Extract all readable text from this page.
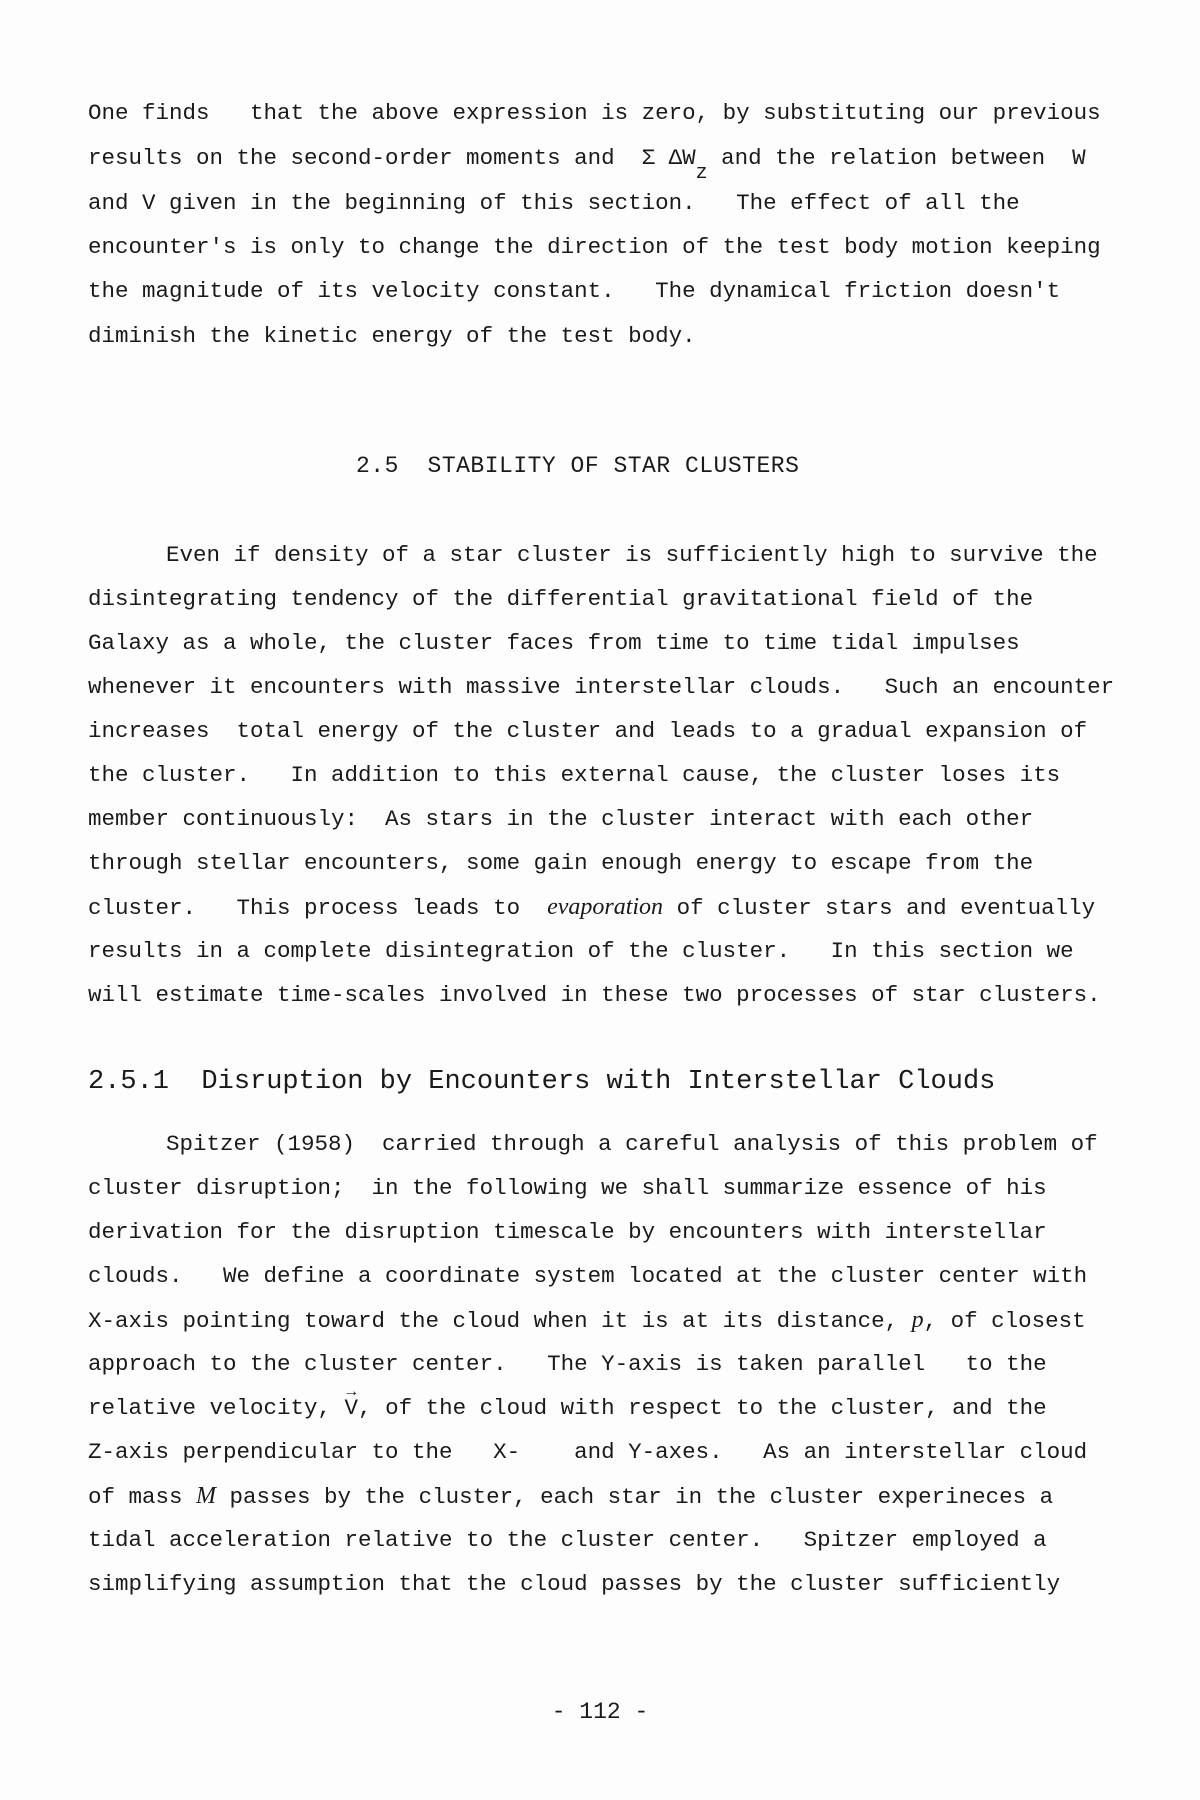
One finds   that the above expression is zero, by substituting our previous
results on the second-order moments and  Σ ΔWz and the relation between  W
and V given in the beginning of this section.   The effect of all the
encounter's is only to change the direction of the test body motion keeping
the magnitude of its velocity constant.   The dynamical friction doesn't
diminish the kinetic energy of the test body.
2.5  STABILITY OF STAR CLUSTERS
Even if density of a star cluster is sufficiently high to survive the
disintegrating tendency of the differential gravitational field of the
Galaxy as a whole, the cluster faces from time to time tidal impulses
whenever it encounters with massive interstellar clouds.   Such an encounter
increases  total energy of the cluster and leads to a gradual expansion of
the cluster.   In addition to this external cause, the cluster loses its
member continuously:  As stars in the cluster interact with each other
through stellar encounters, some gain enough energy to escape from the
cluster.   This process leads to  evaporation of cluster stars and eventually
results in a complete disintegration of the cluster.   In this section we
will estimate time-scales involved in these two processes of star clusters.
2.5.1  Disruption by Encounters with Interstellar Clouds
Spitzer (1958)  carried through a careful analysis of this problem of
cluster disruption;  in the following we shall summarize essence of his
derivation for the disruption timescale by encounters with interstellar
clouds.   We define a coordinate system located at the cluster center with
X-axis pointing toward the cloud when it is at its distance, p, of closest
approach to the cluster center.   The Y-axis is taken parallel   to the
relative velocity, → V, of the cloud with respect to the cluster, and the
Z-axis perpendicular to the   X-    and Y-axes.   As an interstellar cloud
of mass M passes by the cluster, each star in the cluster experineces a
tidal acceleration relative to the cluster center.   Spitzer employed a
simplifying assumption that the cloud passes by the cluster sufficiently
- 112 -
